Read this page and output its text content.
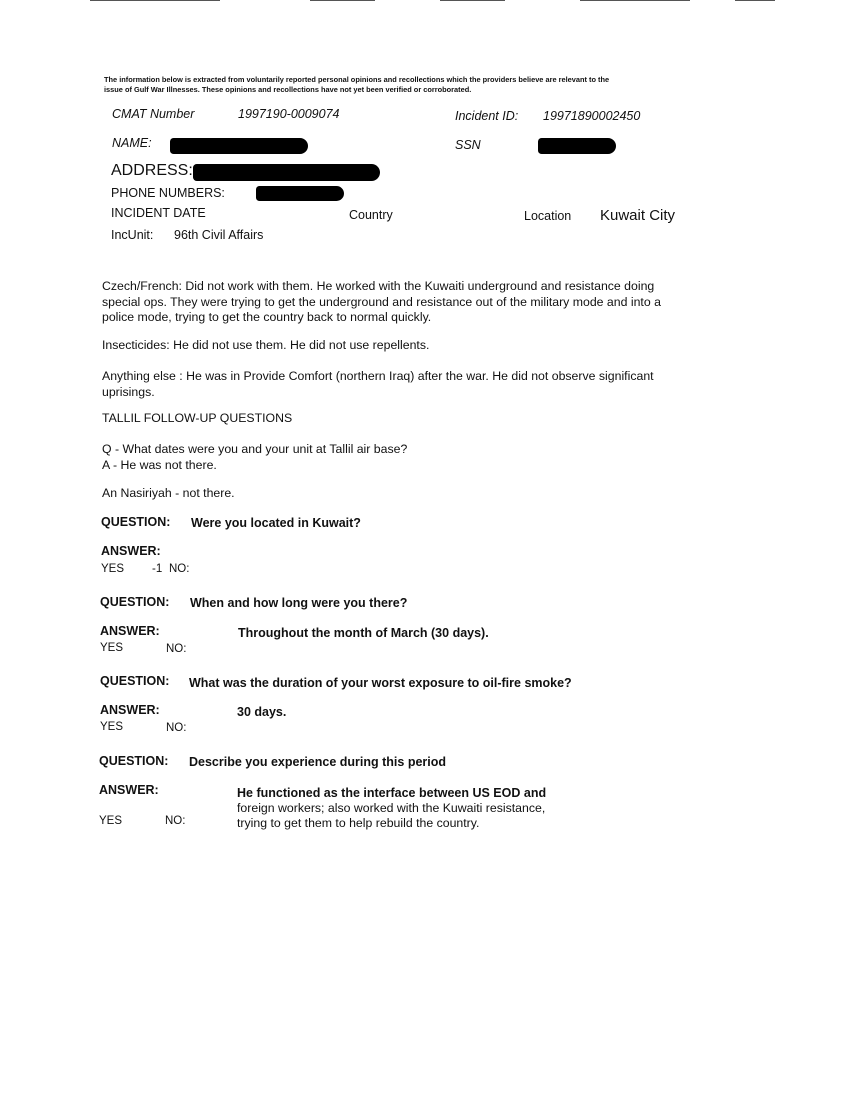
The information below is extracted from voluntarily reported personal opinions and recollections which the providers believe are relevant to the
issue of Gulf War Illnesses. These opinions and recollections have not yet been verified or corroborated.
CMAT Number	1997190-0009074	Incident ID: 19971890002450
NAME:	SSN
ADDRESS:
PHONE NUMBERS:
INCIDENT DATE	Country	Location Kuwait City
IncUnit: 96th Civil Affairs
Czech/French: Did not work with them. He worked with the Kuwaiti underground and resistance doing
special ops. They were trying to get the underground and resistance out of the military mode and into a
police mode, trying to get the country back to normal quickly.
Insecticides: He did not use them. He did not use repellents.
Anything else : He was in Provide Comfort (northern Iraq) after the war. He did not observe significant
uprisings.
TALLIL FOLLOW-UP QUESTIONS
Q - What dates were you and your unit at Tallil air base?
A - He was not there.
An Nasiriyah - not there.
QUESTION: Were you located in Kuwait?
ANSWER:
YES -1 NO:
QUESTION: When and how long were you there?
ANSWER:	Throughout the month of March (30 days).
YES	NO:
QUESTION: What was the duration of your worst exposure to oil-fire smoke?
ANSWER:	30 days.
YES	NO:
QUESTION: Describe you experience during this period
ANSWER:	He functioned as the interface between US EOD and
foreign workers; also worked with the Kuwaiti resistance,
trying to get them to help rebuild the country.
YES	NO:
